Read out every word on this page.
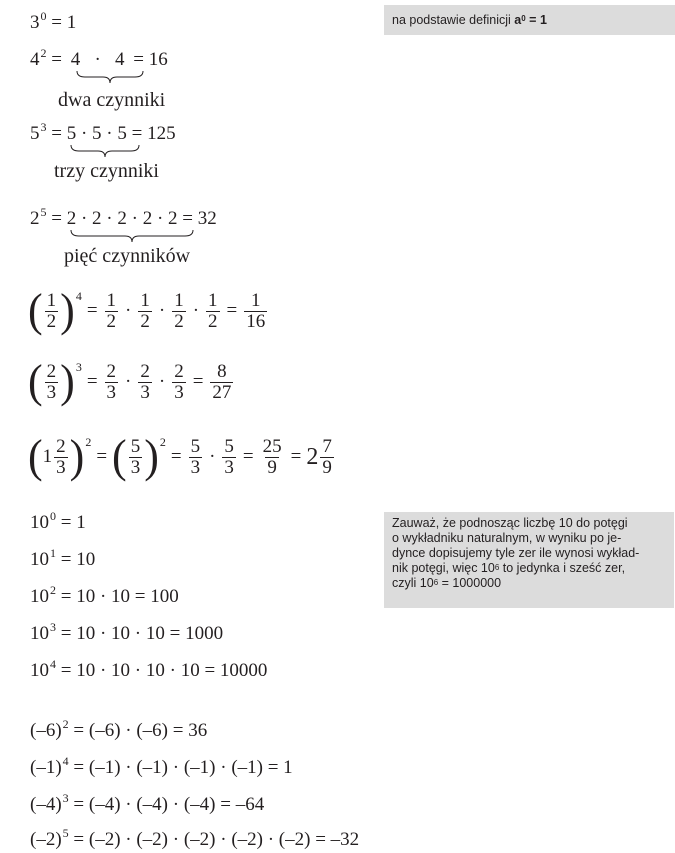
na podstawie definicji $a^0 = 1$
Zauważ, że podnosząc liczbę 10 do potęgi
o wykładniku naturalnym, w wyniku po je-
dynce dopisujemy tyle zer ile wynosi wykład-
nik potęgi, więc $10^6$ to jedynka i sześć zer,
czyli $10^6 = 1000000$
$3^0 = 1$
$4^2 = 4 \cdot 4 = 16$
dwa czynniki
$5^3 = 5 \cdot 5 \cdot 5 = 125$
trzy czynniki
$2^5 = 2 \cdot 2 \cdot 2 \cdot 2 \cdot 2 = 32$
pięć czynników
( $\frac{1}{2}$ ) 4
= $\frac{1}{2} \cdot \frac{1}{2} \cdot \frac{1}{2} \cdot \frac{1}{2} = \frac{1}{16}$
( $\frac{2}{3}$ ) 3
= $\frac{2}{3} \cdot \frac{2}{3} \cdot \frac{2}{3} = \frac{8}{27}$
( $1 \frac{2}{3}$ ) 2
= ( $\frac{5}{3}$ ) 2
= $\frac{5}{3} \cdot \frac{5}{3} = \frac{25}{9} = 2 \frac{7}{9}$
$10^0 = 1$
$10^1 = 10$
$10^2 = 10 \cdot 10 = 100$
$10^3 = 10 \cdot 10 \cdot 10 = 1000$
$10^4 = 10 \cdot 10 \cdot 10 \cdot 10 = 10000$
$(-6)^2 = (-6) \cdot (-6) = 36$
$(-1)^4 = (-1) \cdot (-1) \cdot (-1) \cdot (-1) = 1$
$(-4)^3 = (-4) \cdot (-4) \cdot (-4) = -64$
$(-2)^5 = (-2) \cdot (-2) \cdot (-2) \cdot (-2) \cdot (-2) = -32$
